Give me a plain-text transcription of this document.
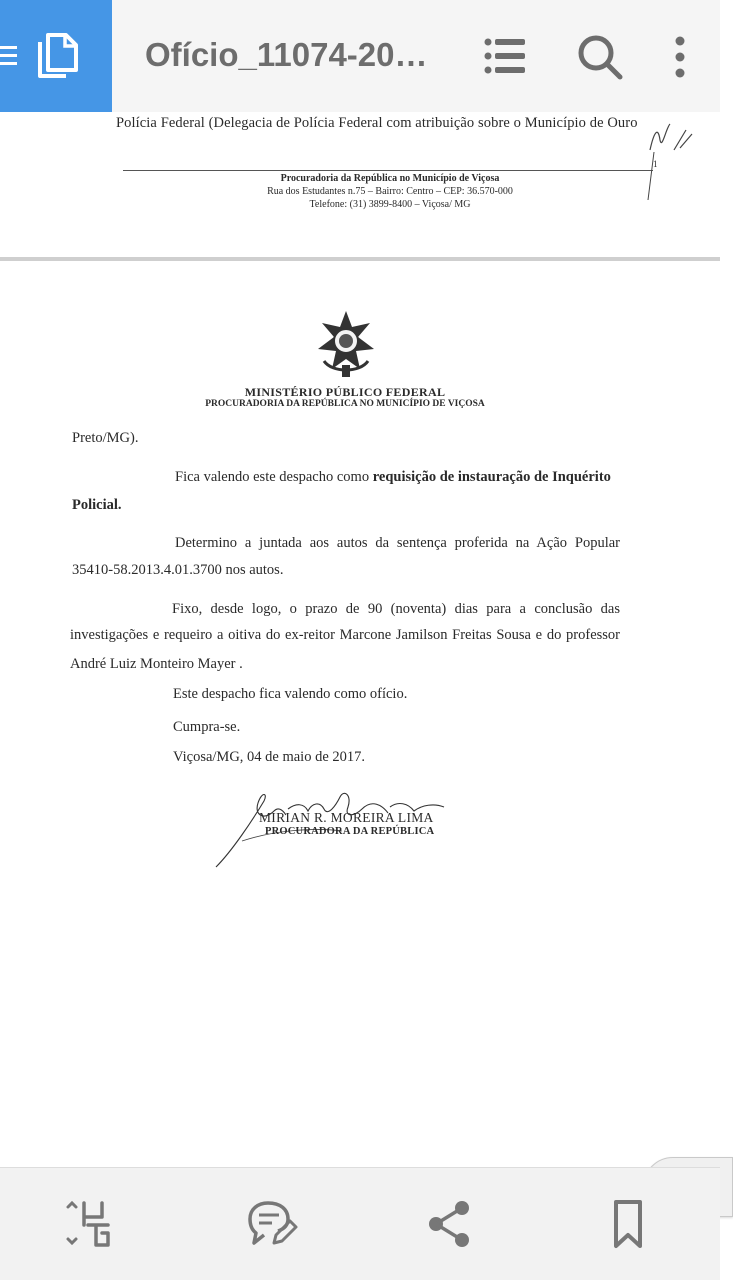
Ofício_11074-20…
Polícia Federal (Delegacia de Polícia Federal com atribuição sobre o Município de Ouro
1
Procuradoria da República no Município de Viçosa
Rua dos Estudantes n.75 – Bairro: Centro – CEP: 36.570-000
Telefone: (31) 3899-8400 – Viçosa/ MG
MINISTÉRIO PÚBLICO FEDERAL
PROCURADORIA DA REPÚBLICA NO MUNICÍPIO DE VIÇOSA
Preto/MG).
Fica valendo este despacho como requisição de instauração de Inquérito
Policial.
Determino a juntada aos autos da sentença proferida na Ação Popular
35410-58.2013.4.01.3700 nos autos.
Fixo, desde logo, o prazo de 90 (noventa) dias para a conclusão das
investigações e requeiro a oitiva do ex-reitor Marcone Jamilson Freitas Sousa e do professor
André Luiz Monteiro Mayer .
Este despacho fica valendo como ofício.
Cumpra-se.
Viçosa/MG, 04 de maio de 2017.
MIRIAN R. MOREIRA LIMA
PROCURADORA DA REPÚBLICA
